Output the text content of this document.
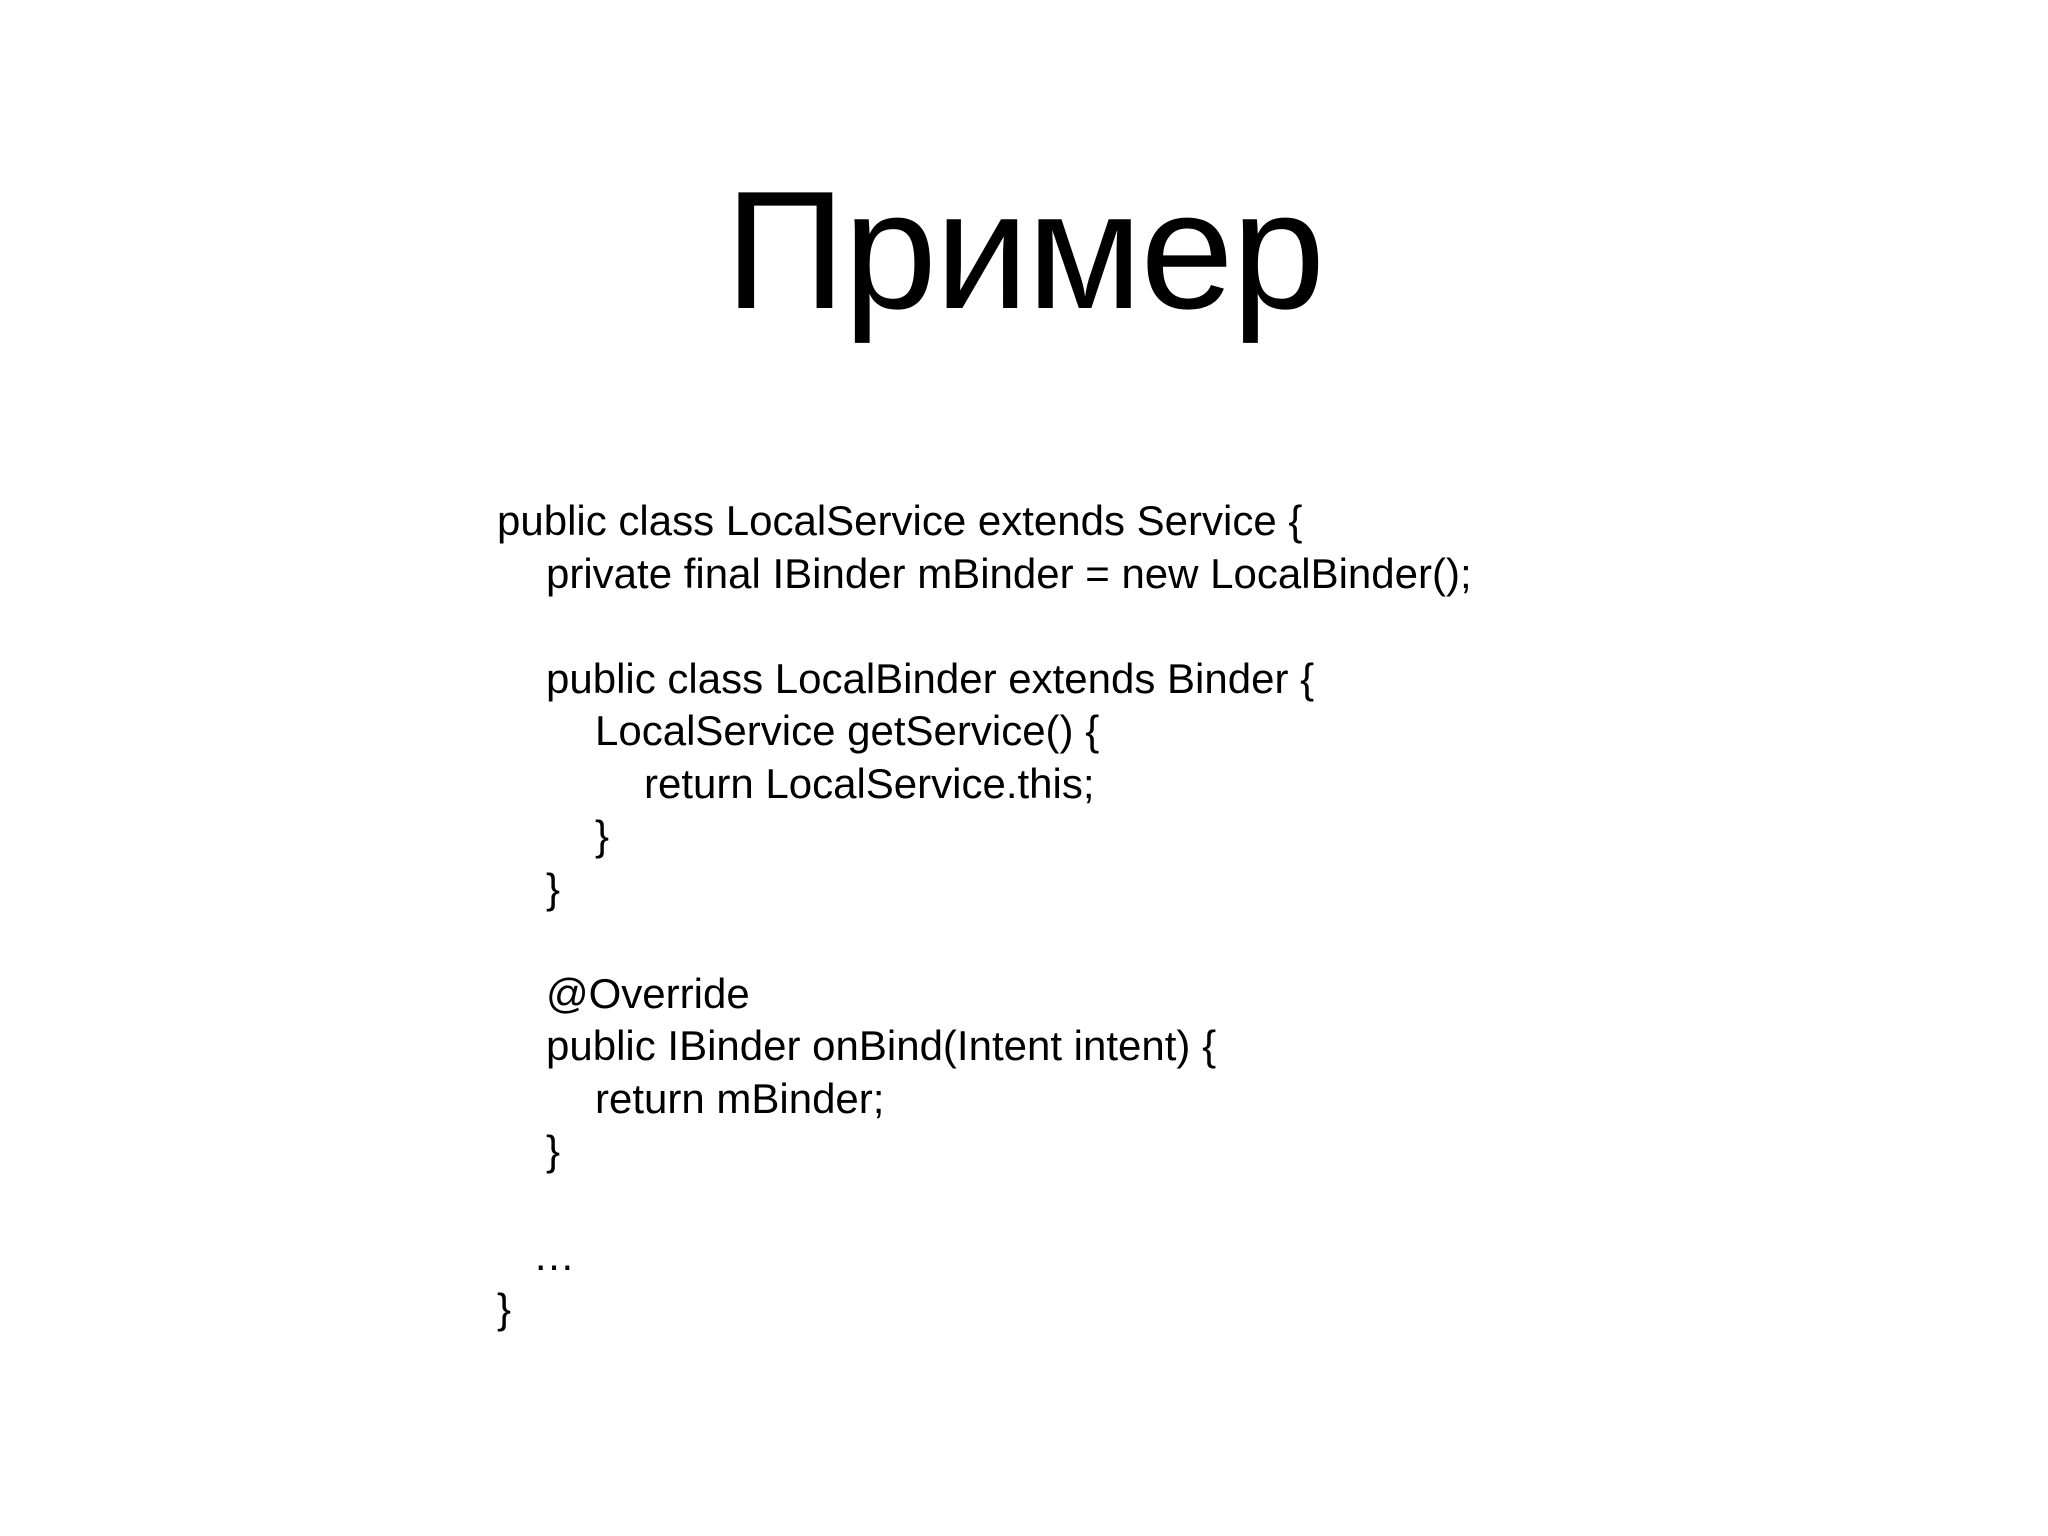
Пример
public class LocalService extends Service {
private final IBinder mBinder = new LocalBinder();
public class LocalBinder extends Binder {
LocalService getService() {
return LocalService.this;
}
}
@Override
public IBinder onBind(Intent intent) {
return mBinder;
}
…
}
